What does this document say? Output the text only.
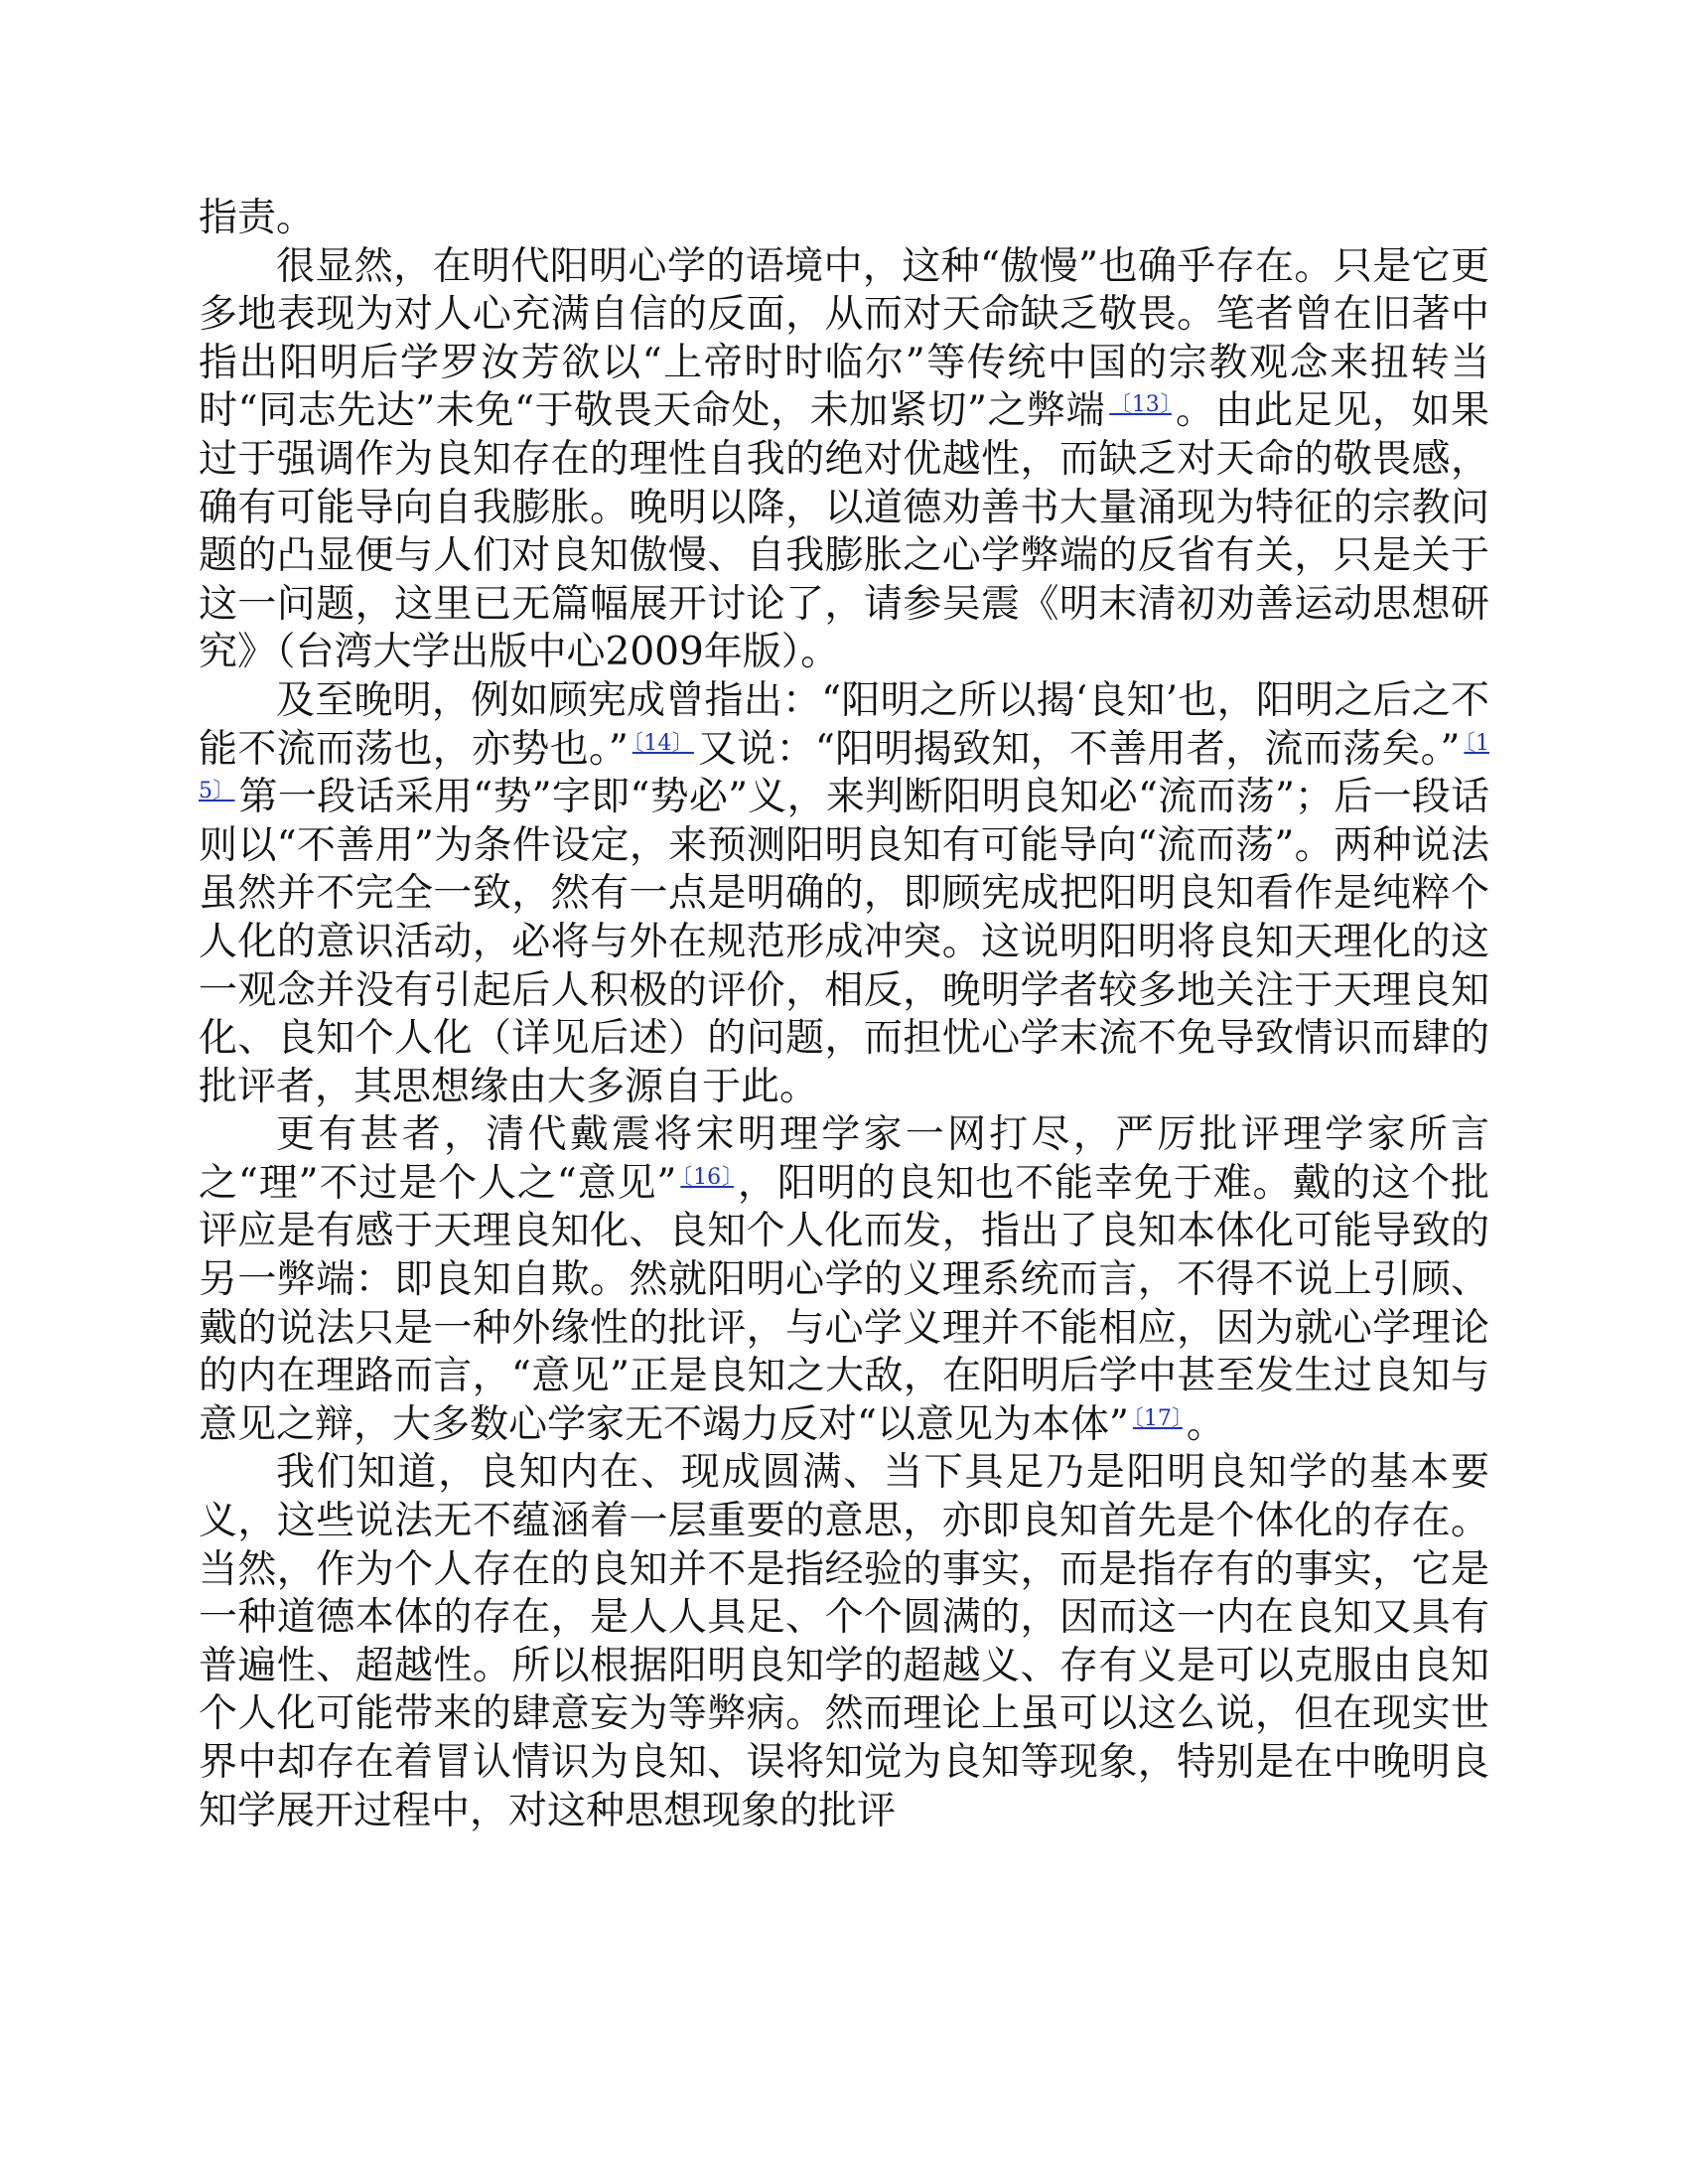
指责。

很显然，在明代阳明心学的语境中，这种“傲慢”也确乎存在。只是它更多地表现为对人心充满自信的反面，从而对天命缺乏敬畏。笔者曾在旧著中指出阳明后学罗汝芳欲以“上帝时时临尔”等传统中国的宗教观念来扭转当时“同志先达”未免“于敬畏天命处，未加紧切”之弊端 $^{〔13〕}$ 。由此足见，如果过于强调作为良知存在的理性自我的绝对优越性，而缺乏对天命的敬畏感，确有可能导向自我膨胀。晚明以降，以道德劝善书大量涌现为特征的宗教问题的凸显便与人们对良知傲慢、自我膨胀之心学弊端的反省有关，只是关于这一问题，这里已无篇幅展开讨论了，请参吴震《明末清初劝善运动思想研究》（台湾大学出版中心2009年版）。

及至晚明，例如顾宪成曾指出：“阳明之所以揭‘良知’也，阳明之后之不能不流而荡也，亦势也。” $^{〔14〕}$ 又说：“阳明揭致知，不善用者，流而荡矣。” $^{〔15〕}$ 第一段话采用“势”字即“势必”义，来判断阳明良知必“流而荡”；后一段话则以“不善用”为条件设定，来预测阳明良知有可能导向“流而荡”。两种说法虽然并不完全一致，然有一点是明确的，即顾宪成把阳明良知看作是纯粹个人化的意识活动，必将与外在规范形成冲突。这说明阳明将良知天理化的这一观念并没有引起后人积极的评价，相反，晚明学者较多地关注于天理良知化、良知个人化（详见后述）的问题，而担忧心学末流不免导致情识而肆的批评者，其思想缘由大多源自于此。

更有甚者，清代戴震将宋明理学家一网打尽，严厉批评理学家所言之“理”不过是个人之“意见” $^{〔16〕}$ ，阳明的良知也不能幸免于难。戴的这个批评应是有感于天理良知化、良知个人化而发，指出了良知本体化可能导致的另一弊端：即良知自欺。然就阳明心学的义理系统而言，不得不说上引顾、戴的说法只是一种外缘性的批评，与心学义理并不能相应，因为就心学理论的内在理路而言，“意见”正是良知之大敌，在阳明后学中甚至发生过良知与意见之辩，大多数心学家无不竭力反对“以意见为本体” $^{〔17〕}$ 。

我们知道，良知内在、现成圆满、当下具足乃是阳明良知学的基本要义，这些说法无不蕴涵着一层重要的意思，亦即良知首先是个体化的存在。当然，作为个人存在的良知并不是指经验的事实，而是指存有的事实，它是一种道德本体的存在，是人人具足、个个圆满的，因而这一内在良知又具有普遍性、超越性。所以根据阳明良知学的超越义、存有义是可以克服由良知个人化可能带来的肆意妄为等弊病。然而理论上虽可以这么说，但在现实世界中却存在着冒认情识为良知、误将知觉为良知等现象，特别是在中晚明良知学展开过程中，对这种思想现象的批评
